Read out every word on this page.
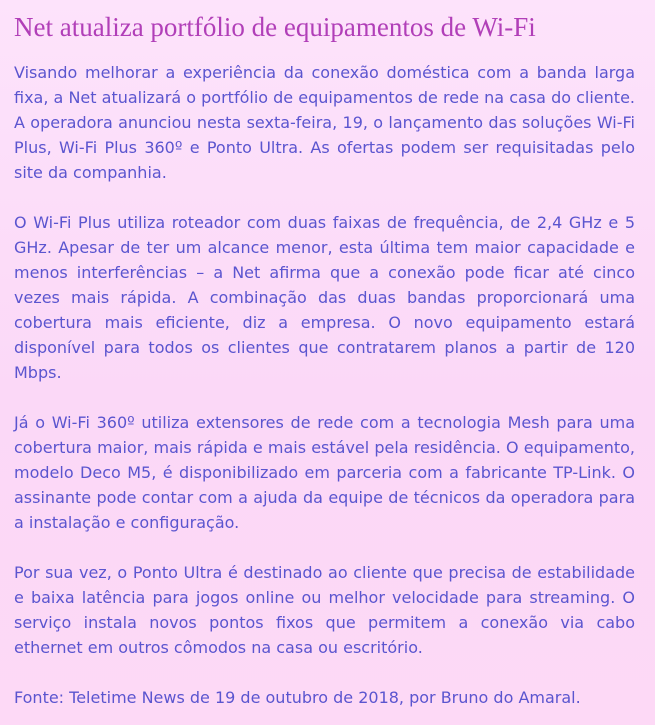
Net atualiza portfólio de equipamentos de Wi-Fi

Visando melhorar a experiência da conexão doméstica com a banda larga fixa, a Net atualizará o portfólio de equipamentos de rede na casa do cliente. A operadora anunciou nesta sexta-feira, 19, o lançamento das soluções Wi-Fi Plus, Wi-Fi Plus 360º e Ponto Ultra. As ofertas podem ser requisitadas pelo site da companhia.

O Wi-Fi Plus utiliza roteador com duas faixas de frequência, de 2,4 GHz e 5 GHz. Apesar de ter um alcance menor, esta última tem maior capacidade e menos interferências – a Net afirma que a conexão pode ficar até cinco vezes mais rápida. A combinação das duas bandas proporcionará uma cobertura mais eficiente, diz a empresa. O novo equipamento estará disponível para todos os clientes que contratarem planos a partir de 120 Mbps.

Já o Wi-Fi 360º utiliza extensores de rede com a tecnologia Mesh para uma cobertura maior, mais rápida e mais estável pela residência. O equipamento, modelo Deco M5, é disponibilizado em parceria com a fabricante TP-Link. O assinante pode contar com a ajuda da equipe de técnicos da operadora para a instalação e configuração.

Por sua vez, o Ponto Ultra é destinado ao cliente que precisa de estabilidade e baixa latência para jogos online ou melhor velocidade para streaming. O serviço instala novos pontos fixos que permitem a conexão via cabo ethernet em outros cômodos na casa ou escritório.

Fonte: Teletime News de 19 de outubro de 2018, por Bruno do Amaral.
